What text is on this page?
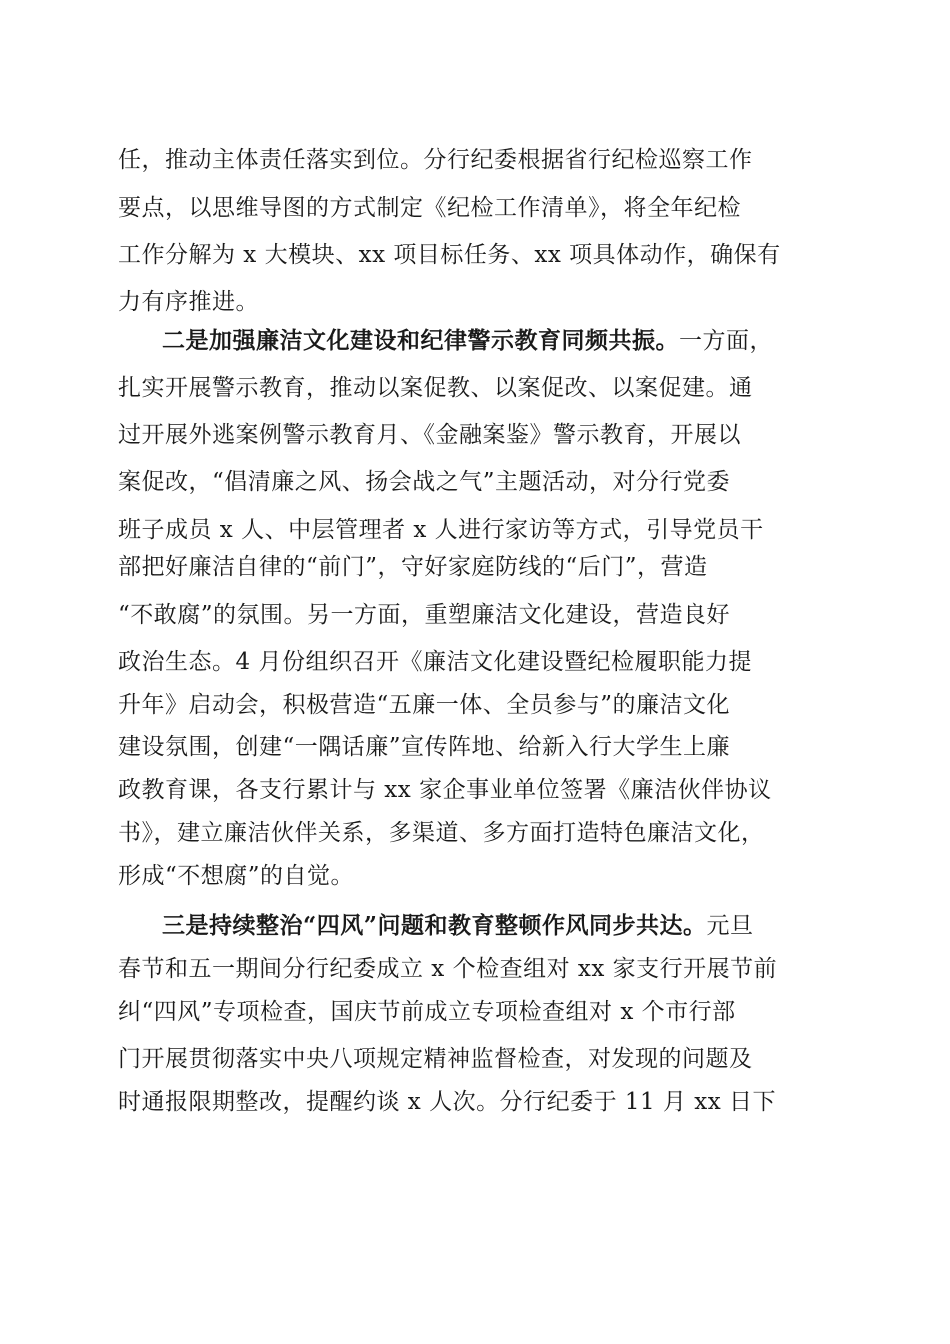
任，推动主体责任落实到位。分行纪委根据省行纪检巡察工作
要点，以思维导图的方式制定《纪检工作清单》，将全年纪检
工作分解为 x 大模块、xx 项目标任务、xx 项具体动作，确保有
力有序推进。
二是加强廉洁文化建设和纪律警示教育同频共振。一方面，
扎实开展警示教育，推动以案促教、以案促改、以案促建。通
过开展外逃案例警示教育月、《金融案鉴》警示教育，开展以
案促改，“倡清廉之风、扬会战之气”主题活动，对分行党委
班子成员 x 人、中层管理者 x 人进行家访等方式，引导党员干
部把好廉洁自律的“前门”，守好家庭防线的“后门”，营造
“不敢腐”的氛围。另一方面，重塑廉洁文化建设，营造良好
政治生态。4 月份组织召开《廉洁文化建设暨纪检履职能力提
升年》启动会，积极营造“五廉一体、全员参与”的廉洁文化
建设氛围，创建“一隅话廉”宣传阵地、给新入行大学生上廉
政教育课，各支行累计与 xx 家企事业单位签署《廉洁伙伴协议
书》，建立廉洁伙伴关系，多渠道、多方面打造特色廉洁文化，
形成“不想腐”的自觉。
三是持续整治“四风”问题和教育整顿作风同步共达。元旦
春节和五一期间分行纪委成立 x 个检查组对 xx 家支行开展节前
纠“四风”专项检查，国庆节前成立专项检查组对 x 个市行部
门开展贯彻落实中央八项规定精神监督检查，对发现的问题及
时通报限期整改，提醒约谈 x 人次。分行纪委于 11 月 xx 日下
